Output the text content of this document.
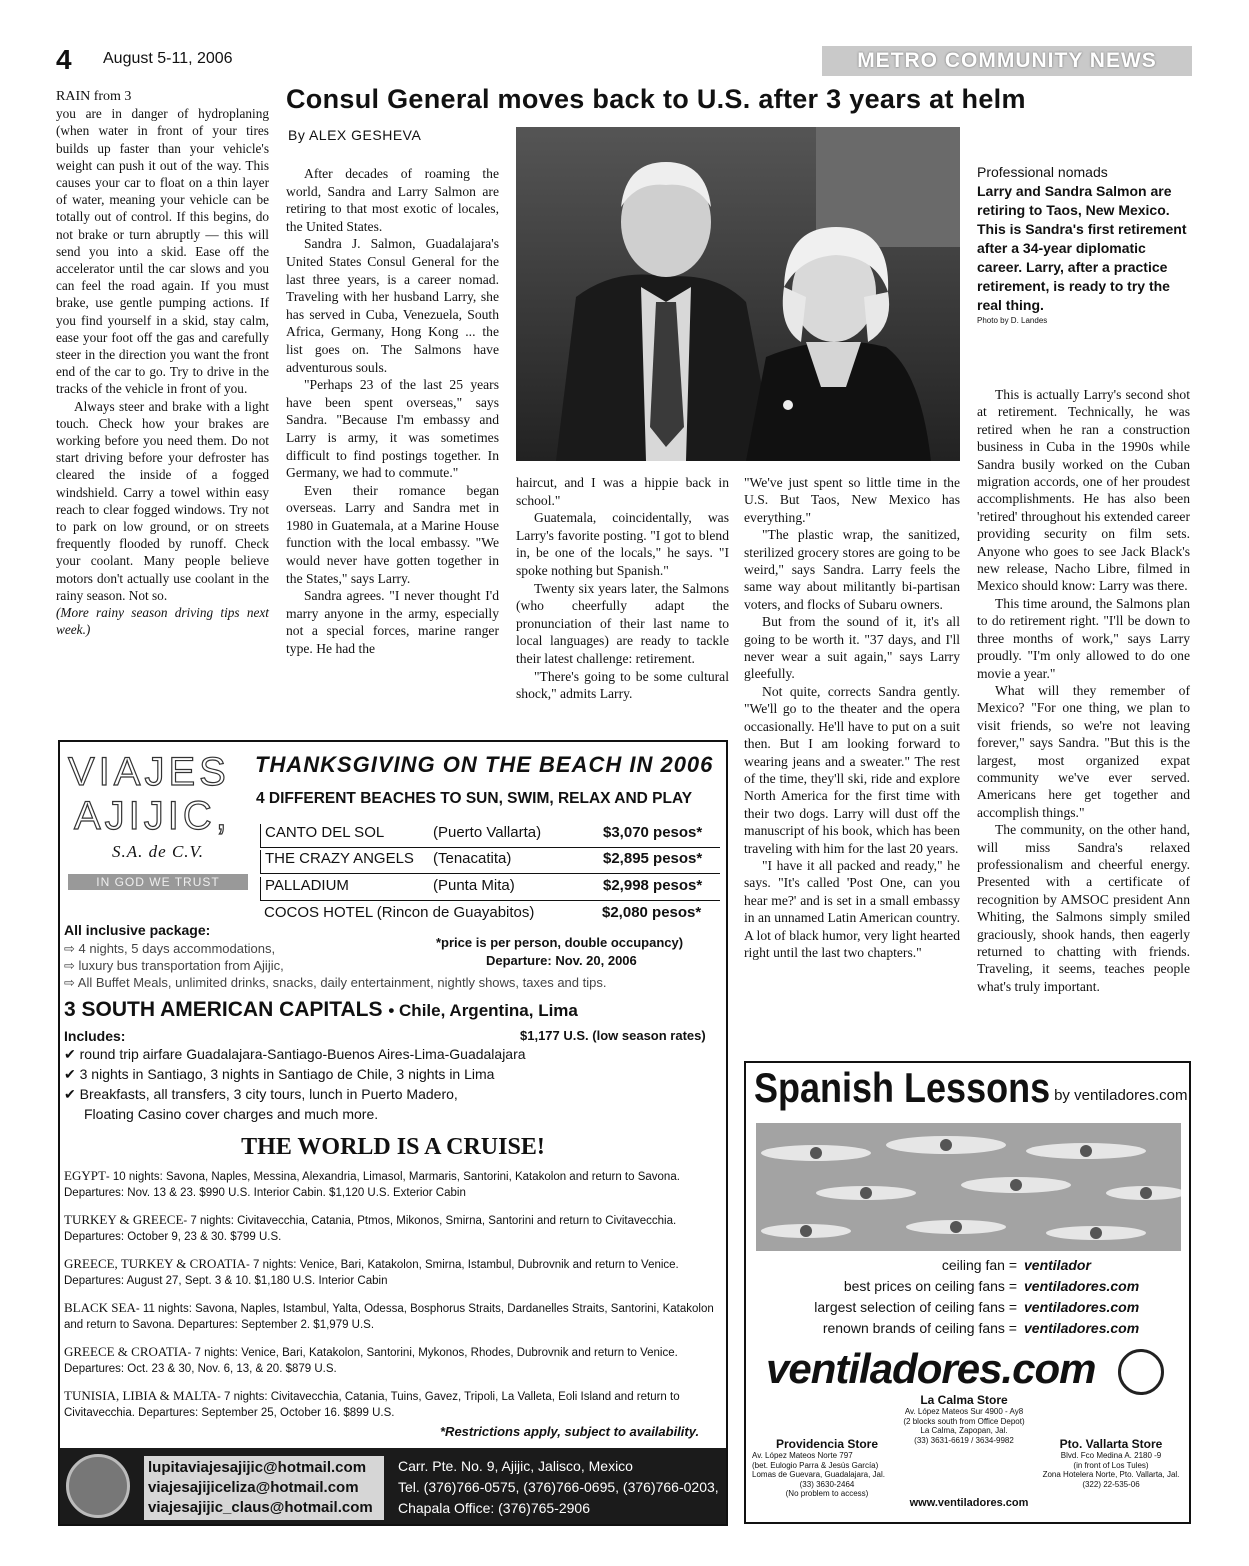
4 August 5-11, 2006	METRO COMMUNITY NEWS
RAIN from 3

you are in danger of hydroplaning (when water in front of your tires builds up faster than your vehicle's weight can push it out of the way. This causes your car to float on a thin layer of water, meaning your vehicle can be totally out of control. If this begins, do not brake or turn abruptly — this will send you into a skid. Ease off the accelerator until the car slows and you can feel the road again. If you must brake, use gentle pumping actions. If you find yourself in a skid, stay calm, ease your foot off the gas and carefully steer in the direction you want the front end of the car to go. Try to drive in the tracks of the vehicle in front of you.

Always steer and brake with a light touch. Check how your brakes are working before you need them. Do not start driving before your defroster has cleared the inside of a fogged windshield. Carry a towel within easy reach to clear fogged windows. Try not to park on low ground, or on streets frequently flooded by runoff. Check your coolant. Many people believe motors don't actually use coolant in the rainy season. Not so.

(More rainy season driving tips next week.)

Consul General moves back to U.S. after 3 years at helm
By ALEX GESHEVA

After decades of roaming the world, Sandra and Larry Salmon are retiring to that most exotic of locales, the United States.

Sandra J. Salmon, Guadalajara's United States Consul General for the last three years, is a career nomad. Traveling with her husband Larry, she has served in Cuba, Venezuela, South Africa, Germany, Hong Kong ... the list goes on. The Salmons have adventurous souls.

"Perhaps 23 of the last 25 years have been spent overseas," says Sandra. "Because I'm embassy and Larry is army, it was sometimes difficult to find postings together. In Germany, we had to commute."

Even their romance began overseas. Larry and Sandra met in 1980 in Guatemala, at a Marine House function with the local embassy. "We would never have gotten together in the States," says Larry.

Sandra agrees. "I never thought I'd marry anyone in the army, especially not a special forces, marine ranger type. He had the

Professional nomads
Larry and Sandra Salmon are retiring to Taos, New Mexico. This is Sandra's first retirement after a 34-year diplomatic career. Larry, after a practice retirement, is ready to try the real thing.
Photo by D. Landes

haircut, and I was a hippie back in school."

Guatemala, coincidentally, was Larry's favorite posting. "I got to blend in, be one of the locals," he says. "I spoke nothing but Spanish."

Twenty six years later, the Salmons (who cheerfully adapt the pronunciation of their last name to local languages) are ready to tackle their latest challenge: retirement.

"There's going to be some cultural shock," admits Larry.

"We've just spent so little time in the U.S. But Taos, New Mexico has everything."

"The plastic wrap, the sanitized, sterilized grocery stores are going to be weird," says Sandra. Larry feels the same way about militantly bi-partisan voters, and flocks of Subaru owners.

But from the sound of it, it's all going to be worth it. "37 days, and I'll never wear a suit again," says Larry gleefully.

Not quite, corrects Sandra gently. "We'll go to the theater and the opera occasionally. He'll have to put on a suit then. But I am looking forward to wearing jeans and a sweater." The rest of the time, they'll ski, ride and explore North America for the first time with their two dogs. Larry will dust off the manuscript of his book, which has been traveling with him for the last 20 years.

"I have it all packed and ready," he says. "It's called 'Post One, can you hear me?' and is set in a small embassy in an unnamed Latin American country. A lot of black humor, very light hearted right until the last two chapters."

This is actually Larry's second shot at retirement. Technically, he was retired when he ran a construction business in Cuba in the 1990s while Sandra busily worked on the Cuban migration accords, one of her proudest accomplishments. He has also been 'retired' throughout his extended career providing security on film sets. Anyone who goes to see Jack Black's new release, Nacho Libre, filmed in Mexico should know: Larry was there.

This time around, the Salmons plan to do retirement right. "I'll be down to three months of work," says Larry proudly. "I'm only allowed to do one movie a year."

What will they remember of Mexico? "For one thing, we plan to visit friends, so we're not leaving forever," says Sandra. "But this is the largest, most organized expat community we've ever served. Americans here get together and accomplish things."

The community, on the other hand, will miss Sandra's relaxed professionalism and cheerful energy. Presented with a certificate of recognition by AMSOC president Ann Whiting, the Salmons simply smiled graciously, shook hands, then eagerly returned to chatting with friends. Traveling, it seems, teaches people what's truly important.

VIAJES
AJIJIC,
S.A. de C.V.
IN GOD WE TRUST
THANKSGIVING ON THE BEACH IN 2006
4 DIFFERENT BEACHES TO SUN, SWIM, RELAX AND PLAY
CANTO DEL SOL	(Puerto Vallarta)	$3,070 pesos*
THE CRAZY ANGELS (Tenacatita)	$2,895 pesos*
PALLADIUM	(Punta Mita)	$2,998 pesos*
COCOS HOTEL (Rincon de Guayabitos)	$2,080 pesos*
All inclusive package:
⇨ 4 nights, 5 days accommodations,
⇨ luxury bus transportation from Ajijic,
⇨ All Buffet Meals, unlimited drinks, snacks, daily entertainment, nightly shows, taxes and tips.
*price is per person, double occupancy)
Departure: Nov. 20, 2006
3 SOUTH AMERICAN CAPITALS • Chile, Argentina, Lima
Includes:	$1,177 U.S. (low season rates)
✔ round trip airfare Guadalajara-Santiago-Buenos Aires-Lima-Guadalajara
✔ 3 nights in Santiago, 3 nights in Santiago de Chile, 3 nights in Lima
✔ Breakfasts, all transfers, 3 city tours, lunch in Puerto Madero,
Floating Casino cover charges and much more.
THE WORLD IS A CRUISE!

EGYPT- 10 nights: Savona, Naples, Messina, Alexandria, Limasol, Marmaris, Santorini, Katakolon and return to Savona. Departures: Nov. 13 & 23. $990 U.S. Interior Cabin. $1,120 U.S. Exterior Cabin

TURKEY & GREECE- 7 nights: Civitavecchia, Catania, Ptmos, Mikonos, Smirna, Santorini and return to Civitavecchia. Departures: October 9, 23 & 30. $799 U.S.

GREECE, TURKEY & CROATIA- 7 nights: Venice, Bari, Katakolon, Smirna, Istambul, Dubrovnik and return to Venice. Departures: August 27, Sept. 3 & 10. $1,180 U.S. Interior Cabin

BLACK SEA- 11 nights: Savona, Naples, Istambul, Yalta, Odessa, Bosphorus Straits, Dardanelles Straits, Santorini, Katakolon and return to Savona. Departures: September 2. $1,979 U.S.

GREECE & CROATIA- 7 nights: Venice, Bari, Katakolon, Santorini, Mykonos, Rhodes, Dubrovnik and return to Venice. Departures: Oct. 23 & 30, Nov. 6, 13, & 20. $879 U.S.

TUNISIA, LIBIA & MALTA- 7 nights: Civitavecchia, Catania, Tuins, Gavez, Tripoli, La Valleta, Eoli Island and return to Civitavecchia. Departures: September 25, October 16. $899 U.S.

*Restrictions apply, subject to availability.
lupitaviajesajijic@hotmail.com
viajesajijiceliza@hotmail.com
viajesajijic_claus@hotmail.com
Carr. Pte. No. 9, Ajijic, Jalisco, Mexico
Tel. (376)766-0575, (376)766-0695, (376)766-0203,
Chapala Office: (376)765-2906
Spanish Lessons by ventiladores.com
ceiling fan = ventilador
best prices on ceiling fans = ventiladores.com
largest selection of ceiling fans = ventiladores.com
renown brands of ceiling fans = ventiladores.com
ventiladores.com
La Calma Store
Av. López Mateos Sur 4900 - Ay8
(2 blocks south from Office Depot)
La Calma, Zapopan, Jal.
(33) 3631-6619 / 3634-9982
Providencia Store
Av. López Mateos Norte 797
(bet. Eulogio Parra & Jesús García)
Lomas de Guevara, Guadalajara, Jal.
(33) 3630-2464
(No problem to access)
Pto. Vallarta Store
Blvd. Fco Medina A. 2180 -9
(in front of Los Tules)
Zona Hotelera Norte, Pto. Vallarta, Jal.
(322) 22-535-06
www.ventiladores.com
